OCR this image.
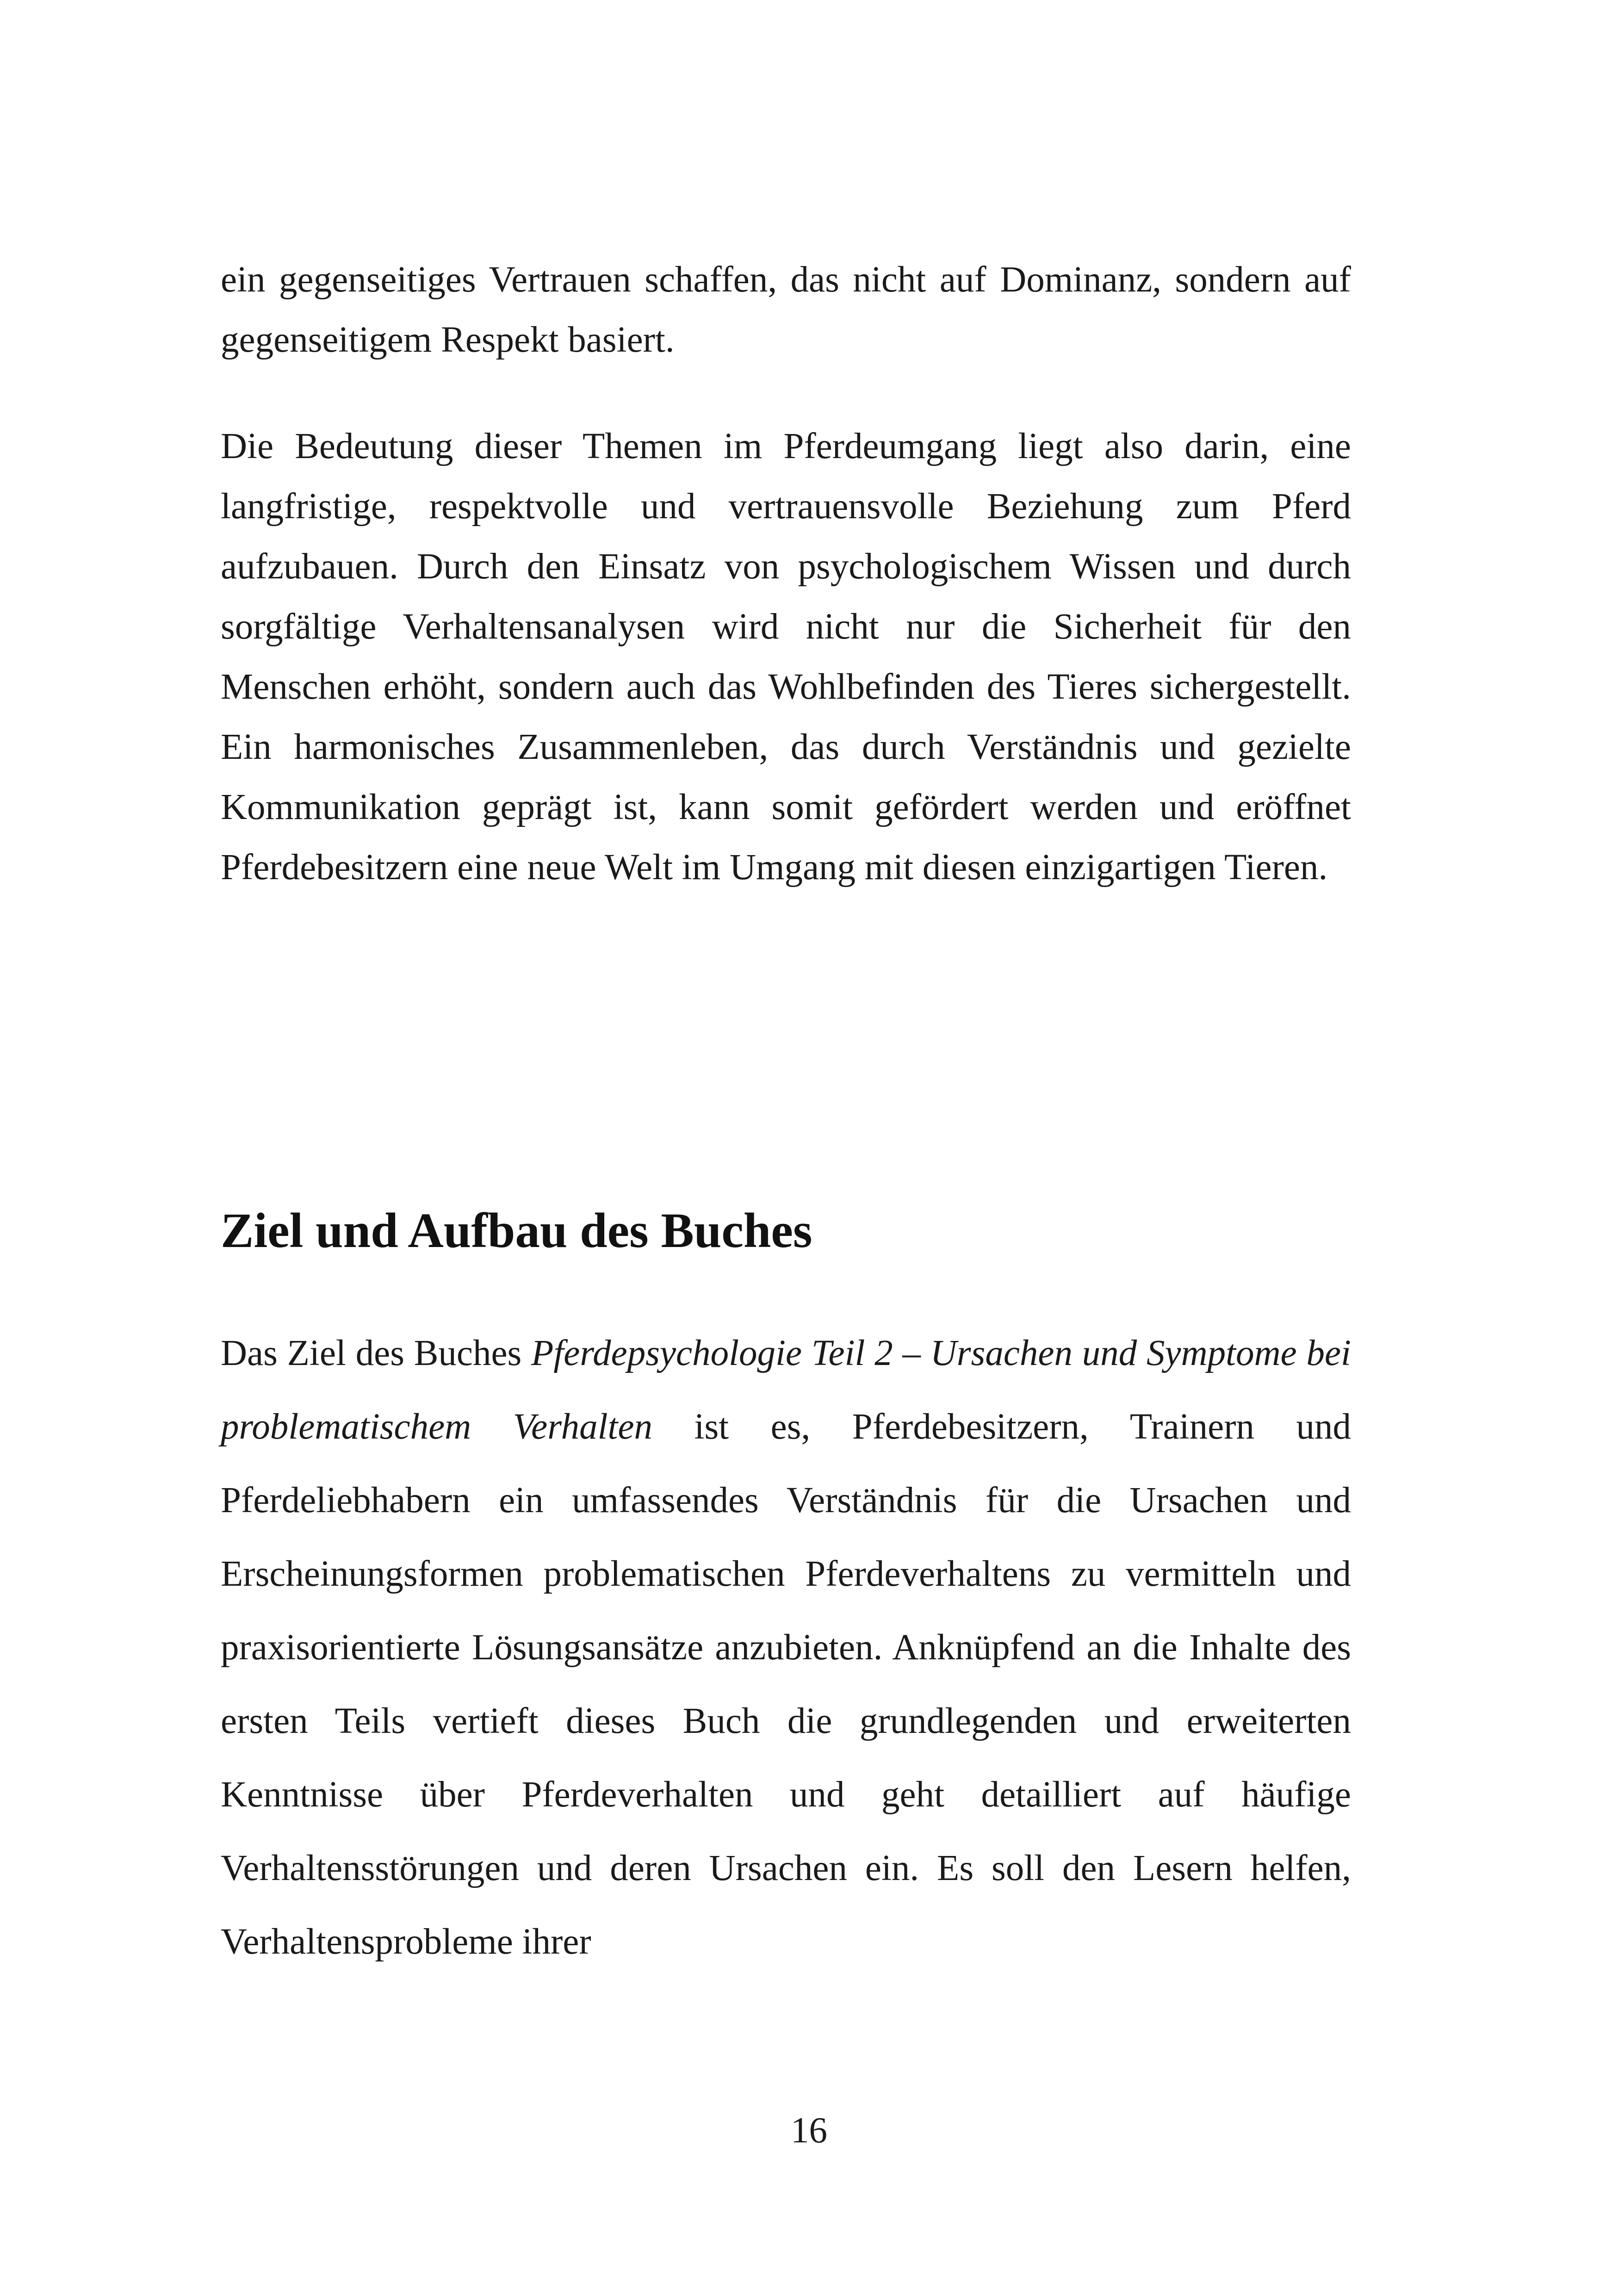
ein gegenseitiges Vertrauen schaffen, das nicht auf Dominanz, sondern auf gegenseitigem Respekt basiert.

Die Bedeutung dieser Themen im Pferdeumgang liegt also darin, eine langfristige, respektvolle und vertrauensvolle Beziehung zum Pferd aufzubauen. Durch den Einsatz von psychologischem Wissen und durch sorgfältige Verhaltensanalysen wird nicht nur die Sicherheit für den Menschen erhöht, sondern auch das Wohlbefinden des Tieres sichergestellt. Ein harmonisches Zusammenleben, das durch Verständnis und gezielte Kommunikation geprägt ist, kann somit gefördert werden und eröffnet Pferdebesitzern eine neue Welt im Umgang mit diesen einzigartigen Tieren.

Ziel und Aufbau des Buches

Das Ziel des Buches Pferdepsychologie Teil 2 – Ursachen und Symptome bei problematischem Verhalten ist es, Pferdebesitzern, Trainern und Pferdeliebhabern ein umfassendes Verständnis für die Ursachen und Erscheinungsformen problematischen Pferdeverhaltens zu vermitteln und praxisorientierte Lösungsansätze anzubieten. Anknüpfend an die Inhalte des ersten Teils vertieft dieses Buch die grundlegenden und erweiterten Kenntnisse über Pferdeverhalten und geht detailliert auf häufige Verhaltensstörungen und deren Ursachen ein. Es soll den Lesern helfen, Verhaltensprobleme ihrer

16
